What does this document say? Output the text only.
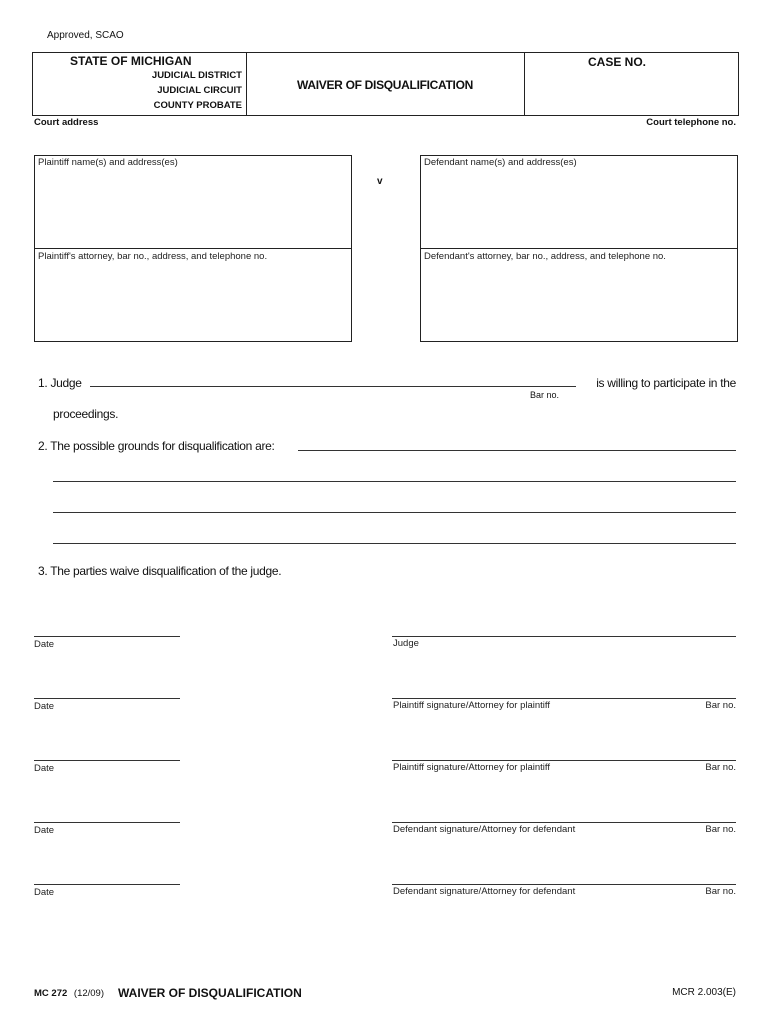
Approved, SCAO
STATE OF MICHIGAN
JUDICIAL DISTRICT
JUDICIAL CIRCUIT
COUNTY PROBATE
WAIVER OF DISQUALIFICATION
CASE NO.
Court address	Court telephone no.
Plaintiff name(s) and address(es)
v
Defendant name(s) and address(es)
Plaintiff's attorney, bar no., address, and telephone no.	Defendant's attorney, bar no., address, and telephone no.
1. Judge	is willing to participate in the
Bar no.
proceedings.
2. The possible grounds for disqualification are:
3. The parties waive disqualification of the judge.
Date	Judge
Date	Plaintiff signature/Attorney for plaintiff	Bar no.
Date	Plaintiff signature/Attorney for plaintiff	Bar no.
Date	Defendant signature/Attorney for defendant	Bar no.
Date	Defendant signature/Attorney for defendant	Bar no.
MC 272 (12/09) WAIVER OF DISQUALIFICATION	MCR 2.003(E)
